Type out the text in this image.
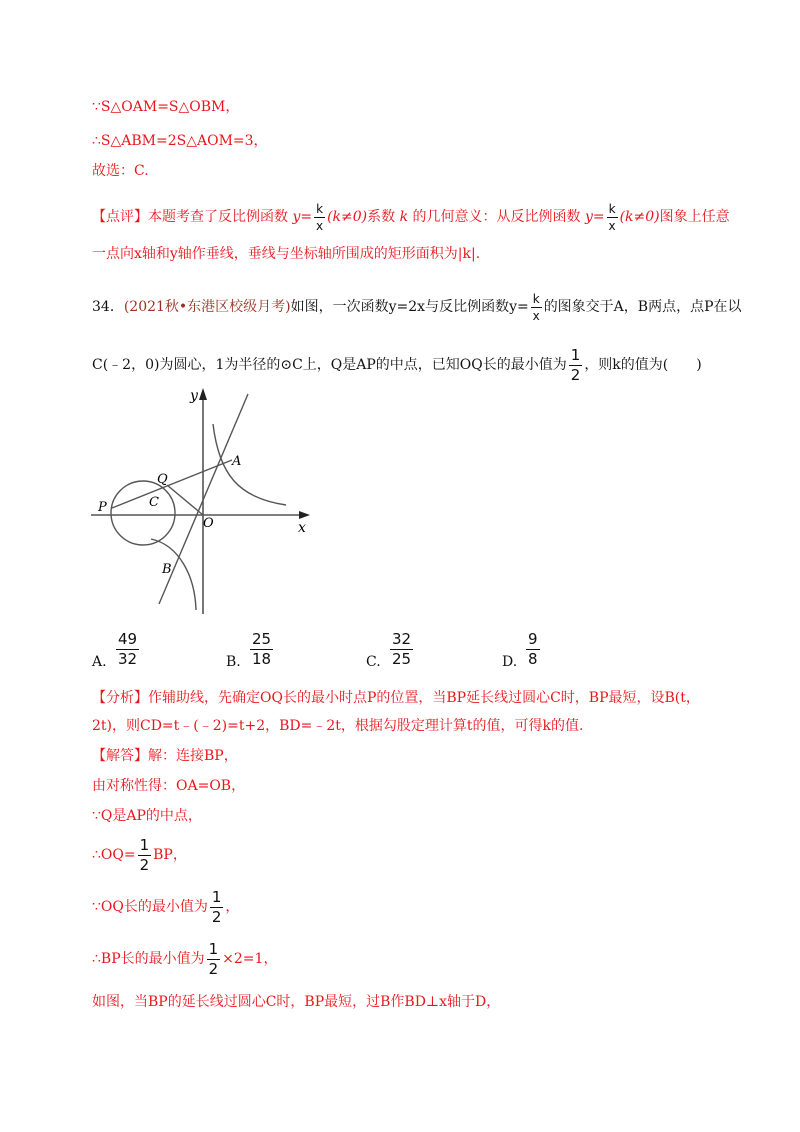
∵S△OAM=S△OBM，
∴S△ABM=2S△AOM=3，
故选：C.
【点评】本题考查了反比例函数 $y= \frac{k}{x} (k\ne 0)$系数 k 的几何意义：从反比例函数 $y= \frac{k}{x} (k\ne 0)$图象上任意
一点向x轴和y轴作垂线，垂线与坐标轴所围成的矩形面积为|k|.
34．(2021秋•东港区校级月考)如图，一次函数y=2x与反比例函数$y= \frac{k}{x}$ 的图象交于A，B两点，点P在以
C(﹣2，0)为圆心，1为半径的⊙C上，Q是AP的中点，已知OQ长的最小值为 $\frac{1}{2}$ ，则k的值为(　　)
y
x
O
A
B
P
Q
C
A. $\frac{49}{32}$	B. $\frac{25}{18}$	C. $\frac{32}{25}$	D. $\frac{9}{8}$
【分析】作辅助线，先确定OQ长的最小时点P的位置，当BP延长线过圆心C时，BP最短，设B(t，
2t)，则CD=t﹣(﹣2)=t+2，BD=﹣2t，根据勾股定理计算t的值，可得k的值.
【解答】解：连接BP，
由对称性得：OA=OB，
∵Q是AP的中点，
∴OQ= $\frac{1}{2}$ BP，
∵OQ长的最小值为 $\frac{1}{2}$ ，
∴BP长的最小值为 $\frac{1}{2} \times 2=1$，
如图，当BP的延长线过圆心C时，BP最短，过B作BD⊥x轴于D，
